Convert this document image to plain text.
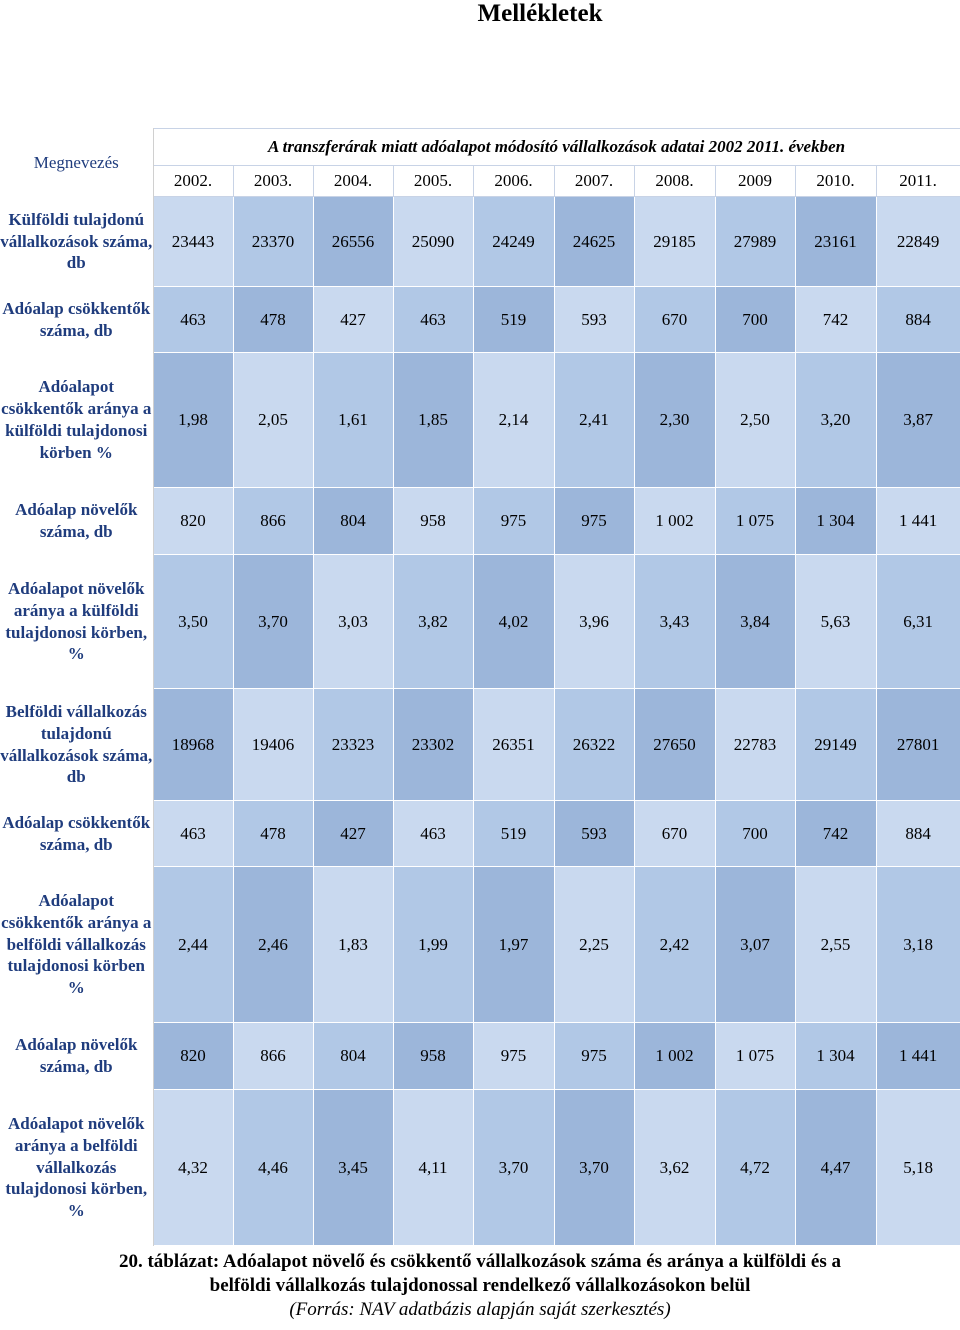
Mellékletek
Megnevezés	A transzferárak miatt adóalapot módosító vállalkozások adatai 2002 2011. években									
	2002.	2003.	2004.	2005.	2006.	2007.	2008.	2009	2010.	2011.
Külföldi tulajdonú vállalkozások száma, db	23443	23370	26556	25090	24249	24625	29185	27989	23161	22849
Adóalap csökkentők száma, db	463	478	427	463	519	593	670	700	742	884
Adóalapot csökkentők aránya a külföldi tulajdonosi körben %	1,98	2,05	1,61	1,85	2,14	2,41	2,30	2,50	3,20	3,87
Adóalap növelők száma, db	820	866	804	958	975	975	1 002	1 075	1 304	1 441
Adóalapot növelők aránya a külföldi tulajdonosi körben, %	3,50	3,70	3,03	3,82	4,02	3,96	3,43	3,84	5,63	6,31
Belföldi vállalkozás tulajdonú vállalkozások száma, db	18968	19406	23323	23302	26351	26322	27650	22783	29149	27801
Adóalap csökkentők száma, db	463	478	427	463	519	593	670	700	742	884
Adóalapot csökkentők aránya a belföldi vállalkozás tulajdonosi körben %	2,44	2,46	1,83	1,99	1,97	2,25	2,42	3,07	2,55	3,18
Adóalap növelők száma, db	820	866	804	958	975	975	1 002	1 075	1 304	1 441
Adóalapot növelők aránya a belföldi vállalkozás tulajdonosi körben, %	4,32	4,46	3,45	4,11	3,70	3,70	3,62	4,72	4,47	5,18
20. táblázat: Adóalapot növelő és csökkentő vállalkozások száma és aránya a külföldi és a
belföldi vállalkozás tulajdonossal rendelkező vállalkozásokon belül
(Forrás: NAV adatbázis alapján saját szerkesztés)
